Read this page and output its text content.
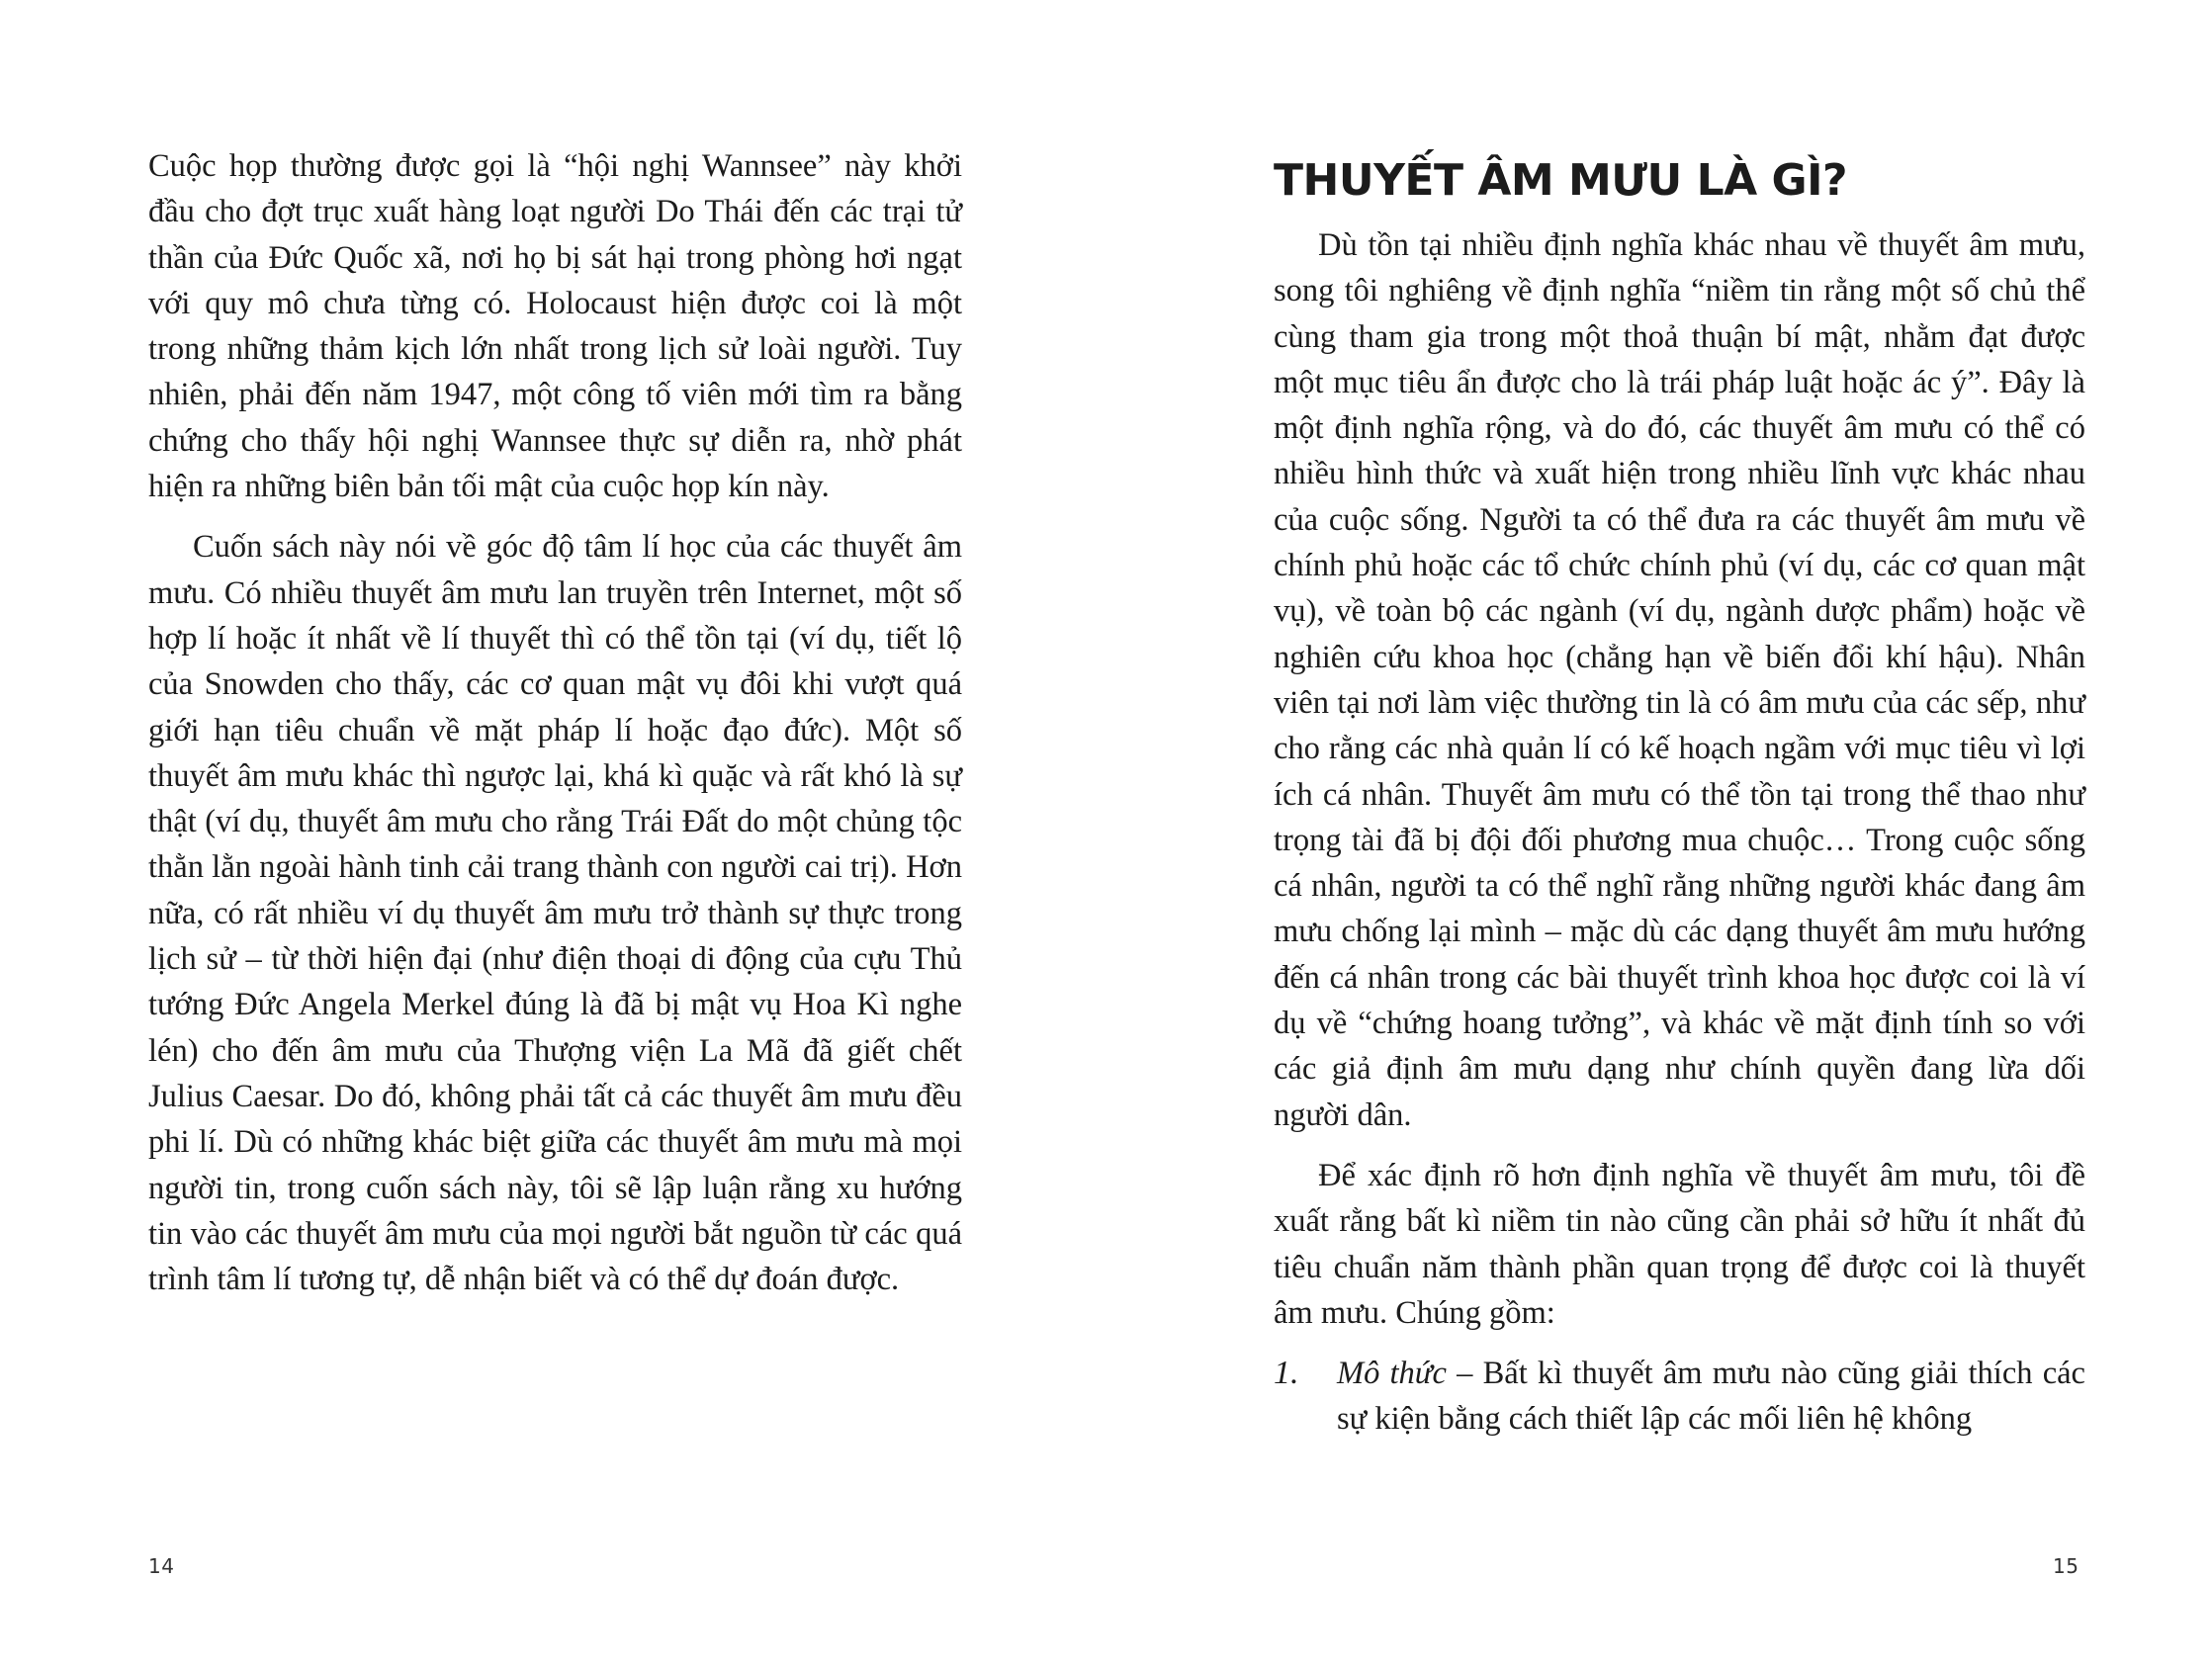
Cuộc họp thường được gọi là “hội nghị Wannsee” này khởi đầu cho đợt trục xuất hàng loạt người Do Thái đến các trại tử thần của Đức Quốc xã, nơi họ bị sát hại trong phòng hơi ngạt với quy mô chưa từng có. Holocaust hiện được coi là một trong những thảm kịch lớn nhất trong lịch sử loài người. Tuy nhiên, phải đến năm 1947, một công tố viên mới tìm ra bằng chứng cho thấy hội nghị Wannsee thực sự diễn ra, nhờ phát hiện ra những biên bản tối mật của cuộc họp kín này.

Cuốn sách này nói về góc độ tâm lí học của các thuyết âm mưu. Có nhiều thuyết âm mưu lan truyền trên Internet, một số hợp lí hoặc ít nhất về lí thuyết thì có thể tồn tại (ví dụ, tiết lộ của Snowden cho thấy, các cơ quan mật vụ đôi khi vượt quá giới hạn tiêu chuẩn về mặt pháp lí hoặc đạo đức). Một số thuyết âm mưu khác thì ngược lại, khá kì quặc và rất khó là sự thật (ví dụ, thuyết âm mưu cho rằng Trái Đất do một chủng tộc thằn lằn ngoài hành tinh cải trang thành con người cai trị). Hơn nữa, có rất nhiều ví dụ thuyết âm mưu trở thành sự thực trong lịch sử – từ thời hiện đại (như điện thoại di động của cựu Thủ tướng Đức Angela Merkel đúng là đã bị mật vụ Hoa Kì nghe lén) cho đến âm mưu của Thượng viện La Mã đã giết chết Julius Caesar. Do đó, không phải tất cả các thuyết âm mưu đều phi lí. Dù có những khác biệt giữa các thuyết âm mưu mà mọi người tin, trong cuốn sách này, tôi sẽ lập luận rằng xu hướng tin vào các thuyết âm mưu của mọi người bắt nguồn từ các quá trình tâm lí tương tự, dễ nhận biết và có thể dự đoán được.

14
THUYẾT ÂM MƯU LÀ GÌ?

Dù tồn tại nhiều định nghĩa khác nhau về thuyết âm mưu, song tôi nghiêng về định nghĩa “niềm tin rằng một số chủ thể cùng tham gia trong một thoả thuận bí mật, nhằm đạt được một mục tiêu ẩn được cho là trái pháp luật hoặc ác ý”. Đây là một định nghĩa rộng, và do đó, các thuyết âm mưu có thể có nhiều hình thức và xuất hiện trong nhiều lĩnh vực khác nhau của cuộc sống. Người ta có thể đưa ra các thuyết âm mưu về chính phủ hoặc các tổ chức chính phủ (ví dụ, các cơ quan mật vụ), về toàn bộ các ngành (ví dụ, ngành dược phẩm) hoặc về nghiên cứu khoa học (chẳng hạn về biến đổi khí hậu). Nhân viên tại nơi làm việc thường tin là có âm mưu của các sếp, như cho rằng các nhà quản lí có kế hoạch ngầm với mục tiêu vì lợi ích cá nhân. Thuyết âm mưu có thể tồn tại trong thể thao như trọng tài đã bị đội đối phương mua chuộc… Trong cuộc sống cá nhân, người ta có thể nghĩ rằng những người khác đang âm mưu chống lại mình – mặc dù các dạng thuyết âm mưu hướng đến cá nhân trong các bài thuyết trình khoa học được coi là ví dụ về “chứng hoang tưởng”, và khác về mặt định tính so với các giả định âm mưu dạng như chính quyền đang lừa dối người dân.

Để xác định rõ hơn định nghĩa về thuyết âm mưu, tôi đề xuất rằng bất kì niềm tin nào cũng cần phải sở hữu ít nhất đủ tiêu chuẩn năm thành phần quan trọng để được coi là thuyết âm mưu. Chúng gồm:

1.	Mô thức – Bất kì thuyết âm mưu nào cũng giải thích các sự kiện bằng cách thiết lập các mối liên hệ không
15
